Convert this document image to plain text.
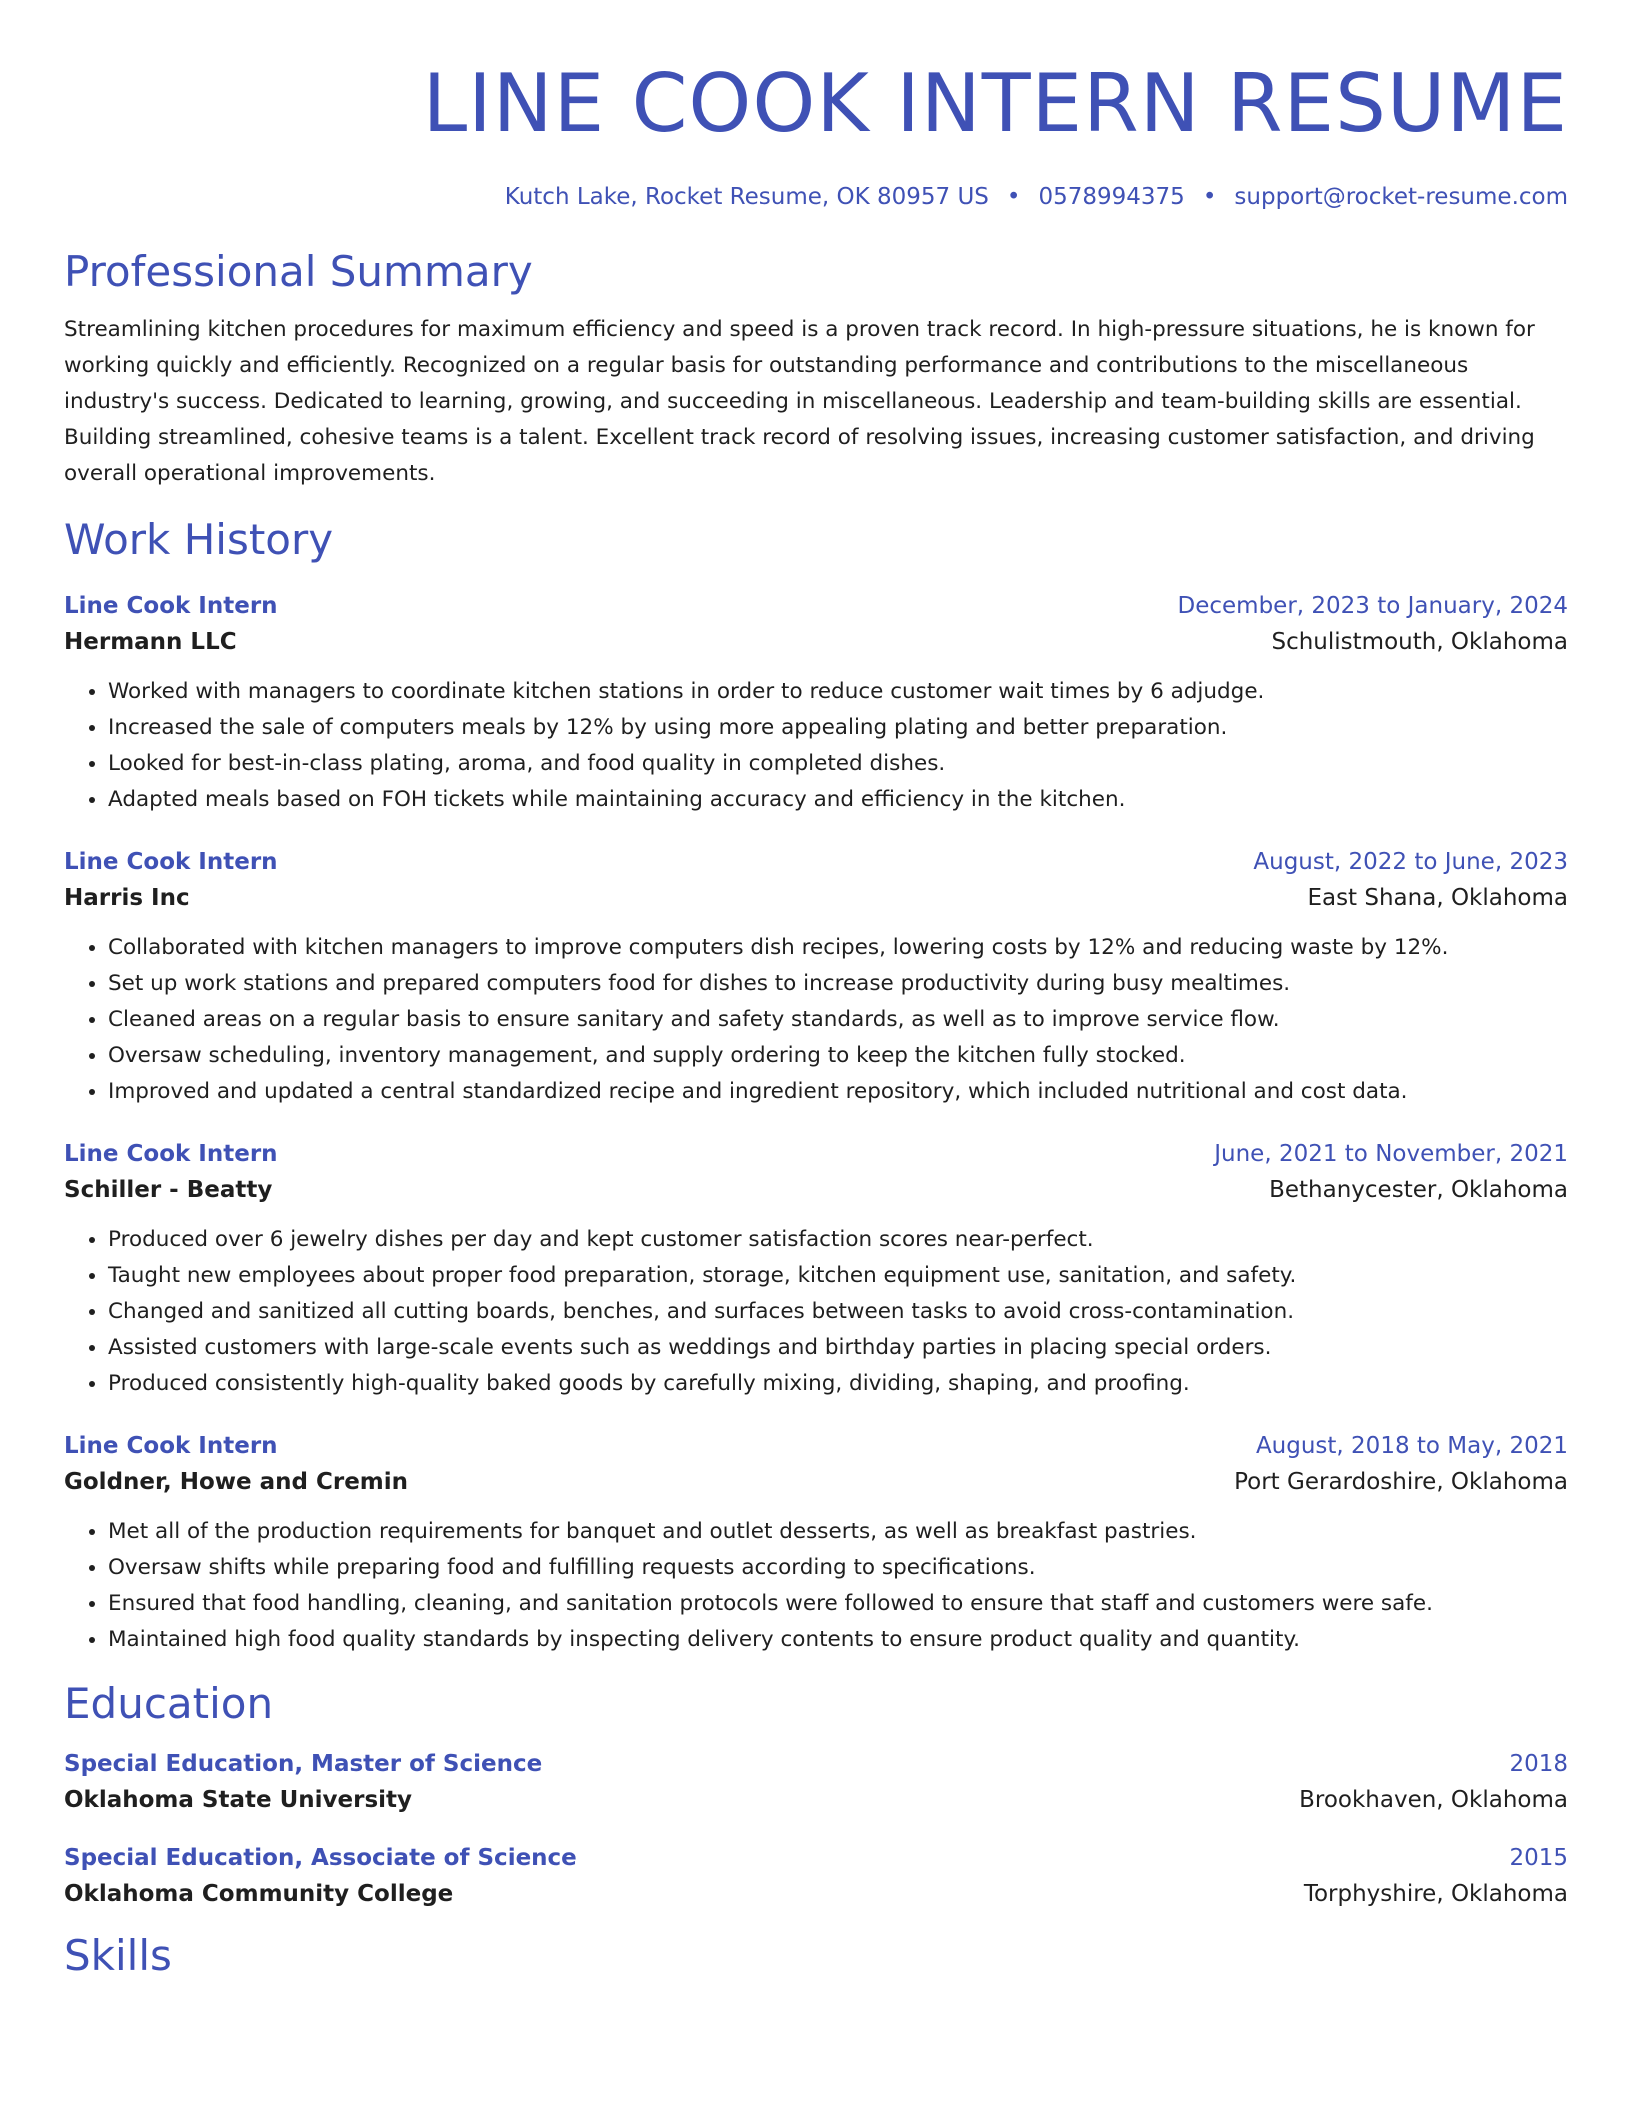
LINE COOK INTERN RESUME
Kutch Lake, Rocket Resume, OK 80957 US • 0578994375 • support@rocket-resume.com
Professional Summary
Streamlining kitchen procedures for maximum efficiency and speed is a proven track record. In high-pressure situations, he is known for working quickly and efficiently. Recognized on a regular basis for outstanding performance and contributions to the miscellaneous industry's success. Dedicated to learning, growing, and succeeding in miscellaneous. Leadership and team-building skills are essential. Building streamlined, cohesive teams is a talent. Excellent track record of resolving issues, increasing customer satisfaction, and driving overall operational improvements.
Work History
Line Cook Intern	December, 2023 to January, 2024
Hermann LLC	Schulistmouth, Oklahoma
• Worked with managers to coordinate kitchen stations in order to reduce customer wait times by 6 adjudge.
• Increased the sale of computers meals by 12% by using more appealing plating and better preparation.
• Looked for best-in-class plating, aroma, and food quality in completed dishes.
• Adapted meals based on FOH tickets while maintaining accuracy and efficiency in the kitchen.
Line Cook Intern	August, 2022 to June, 2023
Harris Inc	East Shana, Oklahoma
• Collaborated with kitchen managers to improve computers dish recipes, lowering costs by 12% and reducing waste by 12%.
• Set up work stations and prepared computers food for dishes to increase productivity during busy mealtimes.
• Cleaned areas on a regular basis to ensure sanitary and safety standards, as well as to improve service flow.
• Oversaw scheduling, inventory management, and supply ordering to keep the kitchen fully stocked.
• Improved and updated a central standardized recipe and ingredient repository, which included nutritional and cost data.
Line Cook Intern	June, 2021 to November, 2021
Schiller - Beatty	Bethanycester, Oklahoma
• Produced over 6 jewelry dishes per day and kept customer satisfaction scores near-perfect.
• Taught new employees about proper food preparation, storage, kitchen equipment use, sanitation, and safety.
• Changed and sanitized all cutting boards, benches, and surfaces between tasks to avoid cross-contamination.
• Assisted customers with large-scale events such as weddings and birthday parties in placing special orders.
• Produced consistently high-quality baked goods by carefully mixing, dividing, shaping, and proofing.
Line Cook Intern	August, 2018 to May, 2021
Goldner, Howe and Cremin	Port Gerardoshire, Oklahoma
• Met all of the production requirements for banquet and outlet desserts, as well as breakfast pastries.
• Oversaw shifts while preparing food and fulfilling requests according to specifications.
• Ensured that food handling, cleaning, and sanitation protocols were followed to ensure that staff and customers were safe.
• Maintained high food quality standards by inspecting delivery contents to ensure product quality and quantity.
Education
Special Education, Master of Science	2018
Oklahoma State University	Brookhaven, Oklahoma
Special Education, Associate of Science	2015
Oklahoma Community College	Torphyshire, Oklahoma
Skills
